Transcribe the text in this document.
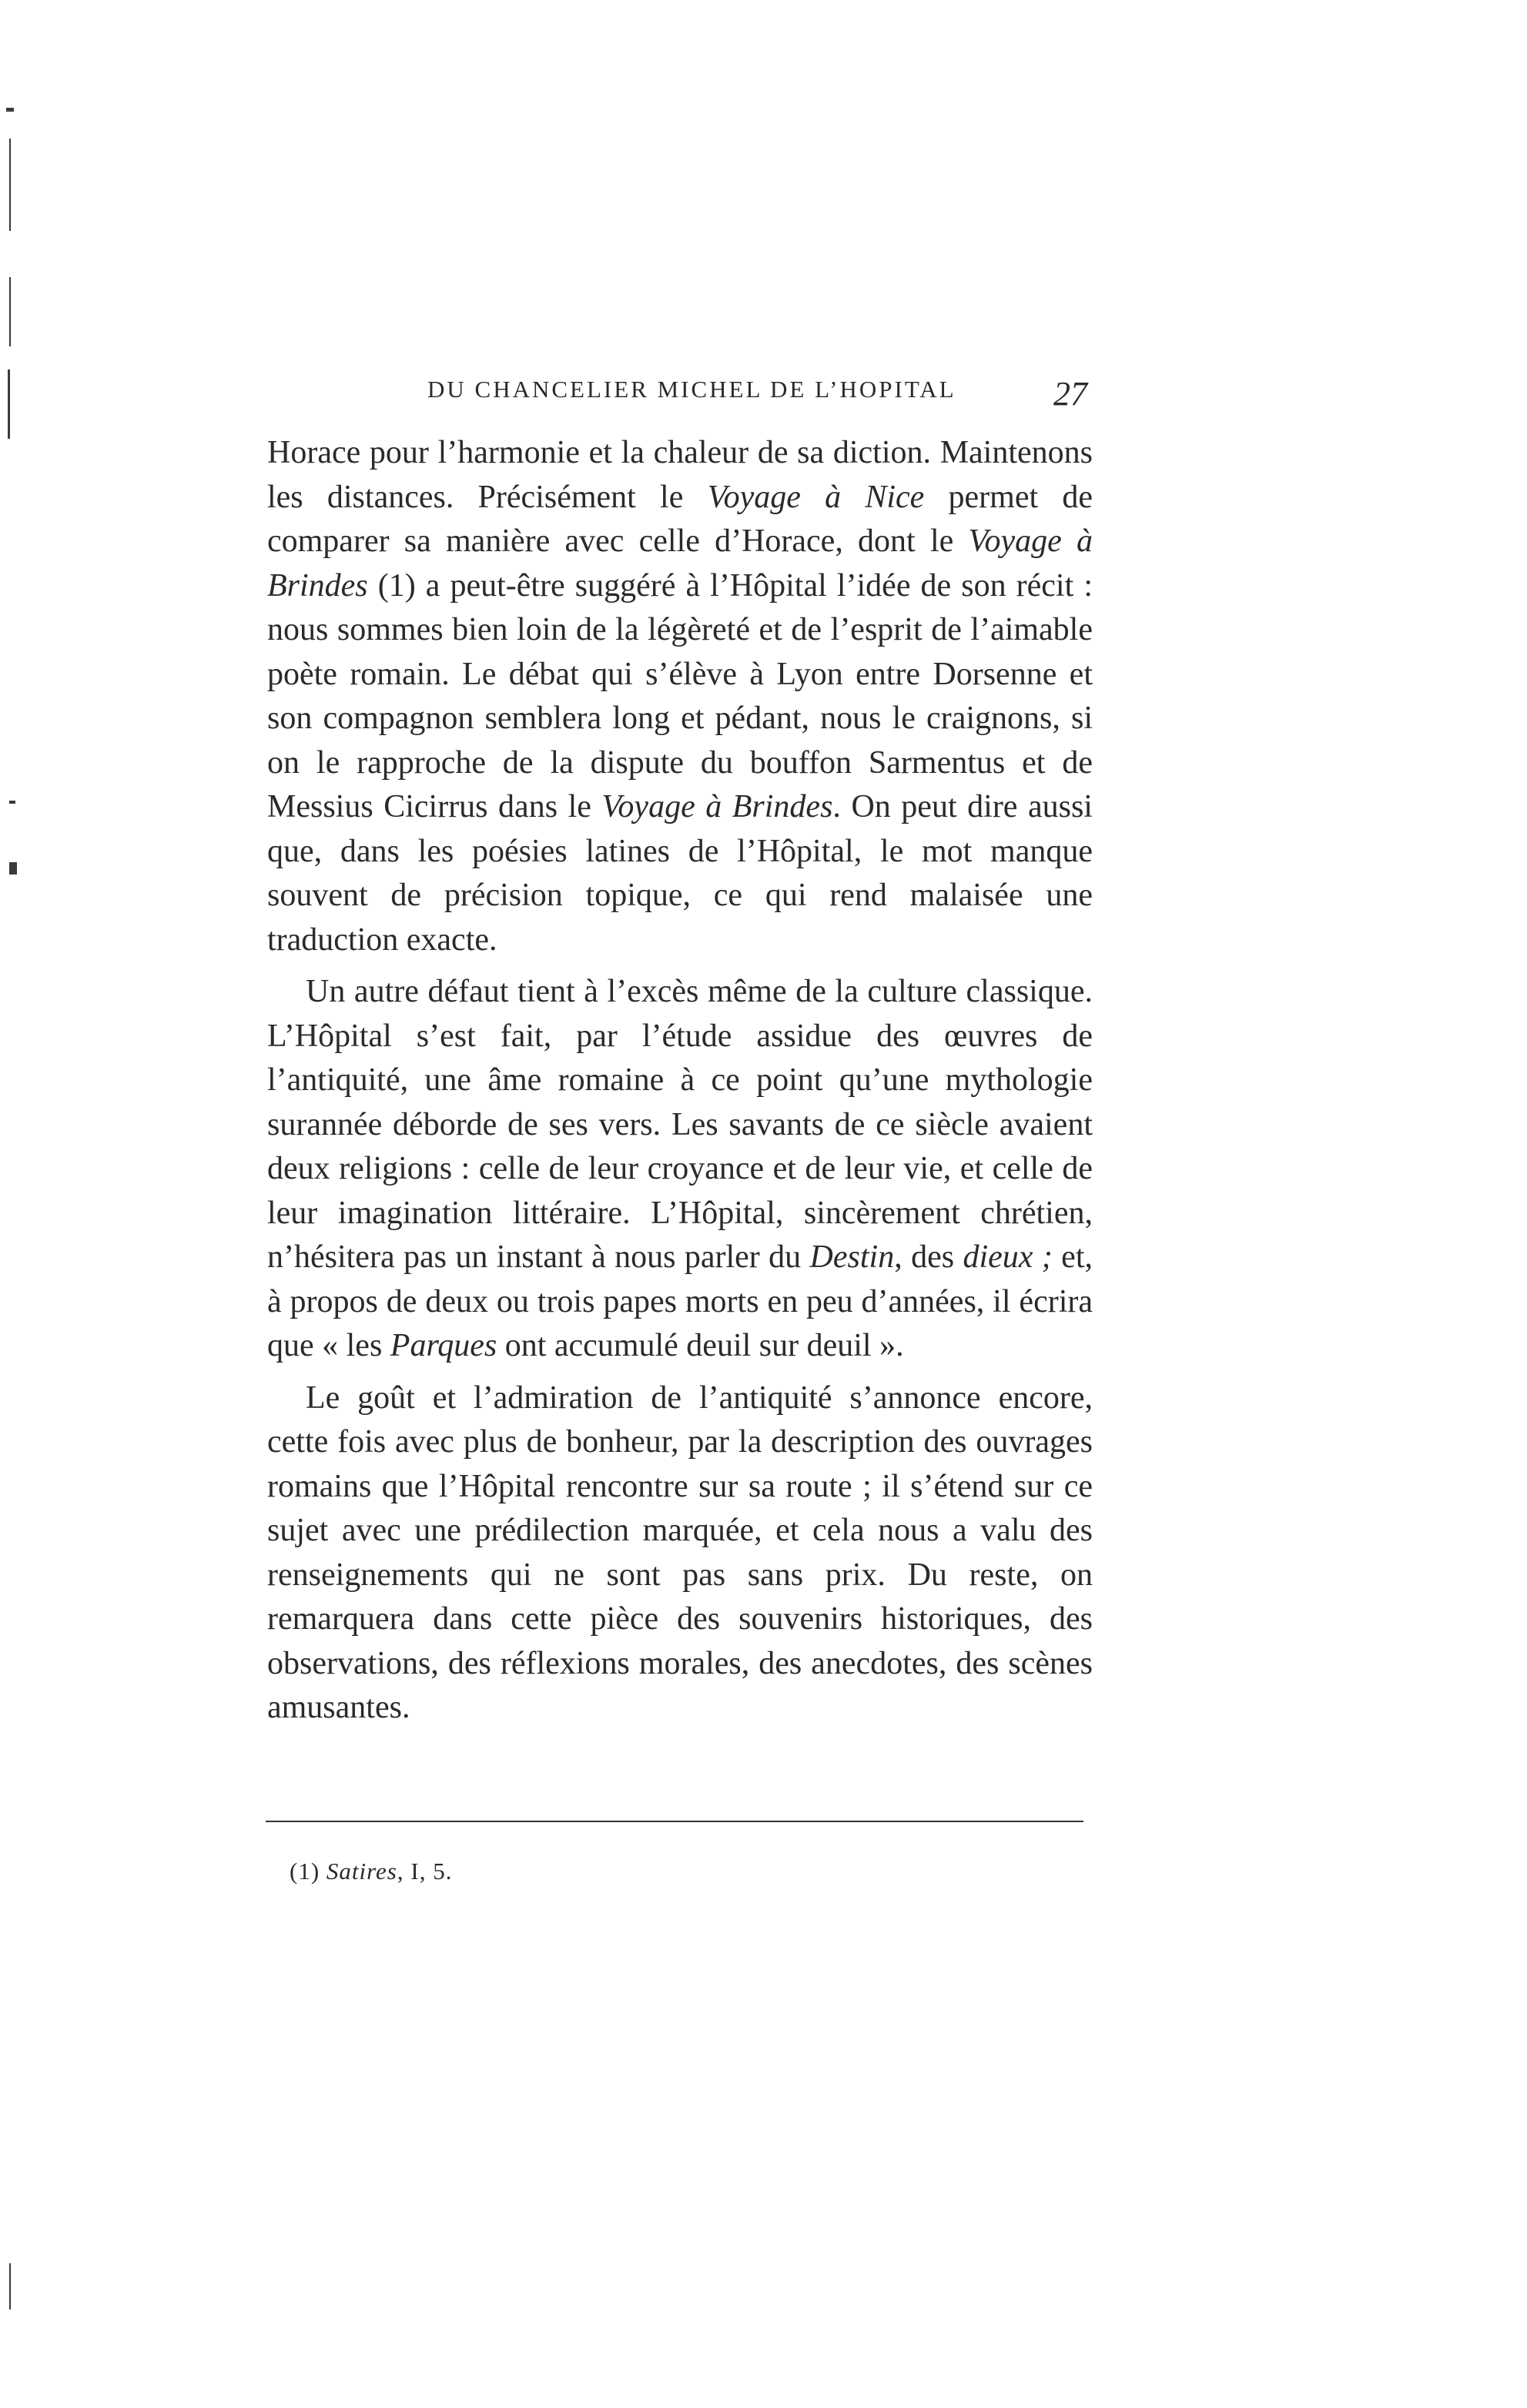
DU CHANCELIER MICHEL DE L’HOPITAL	27

Horace pour l’harmonie et la chaleur de sa diction. Maintenons les distances. Précisément le Voyage à Nice permet de comparer sa manière avec celle d’Horace, dont le Voyage à Brindes (1) a peut-être suggéré à l’Hôpital l’idée de son récit : nous sommes bien loin de la légèreté et de l’esprit de l’aimable poète romain. Le débat qui s’élève à Lyon entre Dorsenne et son compagnon semblera long et pédant, nous le craignons, si on le rapproche de la dispute du bouffon Sarmentus et de Messius Cicirrus dans le Voyage à Brindes. On peut dire aussi que, dans les poésies latines de l’Hôpital, le mot manque souvent de précision topique, ce qui rend malaisée une traduction exacte.

Un autre défaut tient à l’excès même de la culture classique. L’Hôpital s’est fait, par l’étude assidue des œuvres de l’antiquité, une âme romaine à ce point qu’une mythologie surannée déborde de ses vers. Les savants de ce siècle avaient deux religions : celle de leur croyance et de leur vie, et celle de leur imagination littéraire. L’Hôpital, sincèrement chrétien, n’hésitera pas un instant à nous parler du Destin, des dieux ; et, à propos de deux ou trois papes morts en peu d’années, il écrira que « les Parques ont accumulé deuil sur deuil ».

Le goût et l’admiration de l’antiquité s’annonce encore, cette fois avec plus de bonheur, par la description des ouvrages romains que l’Hôpital rencontre sur sa route ; il s’étend sur ce sujet avec une prédilection marquée, et cela nous a valu des renseignements qui ne sont pas sans prix. Du reste, on remarquera dans cette pièce des souvenirs historiques, des observations, des réflexions morales, des anecdotes, des scènes amusantes.

(1) Satires, I, 5.
